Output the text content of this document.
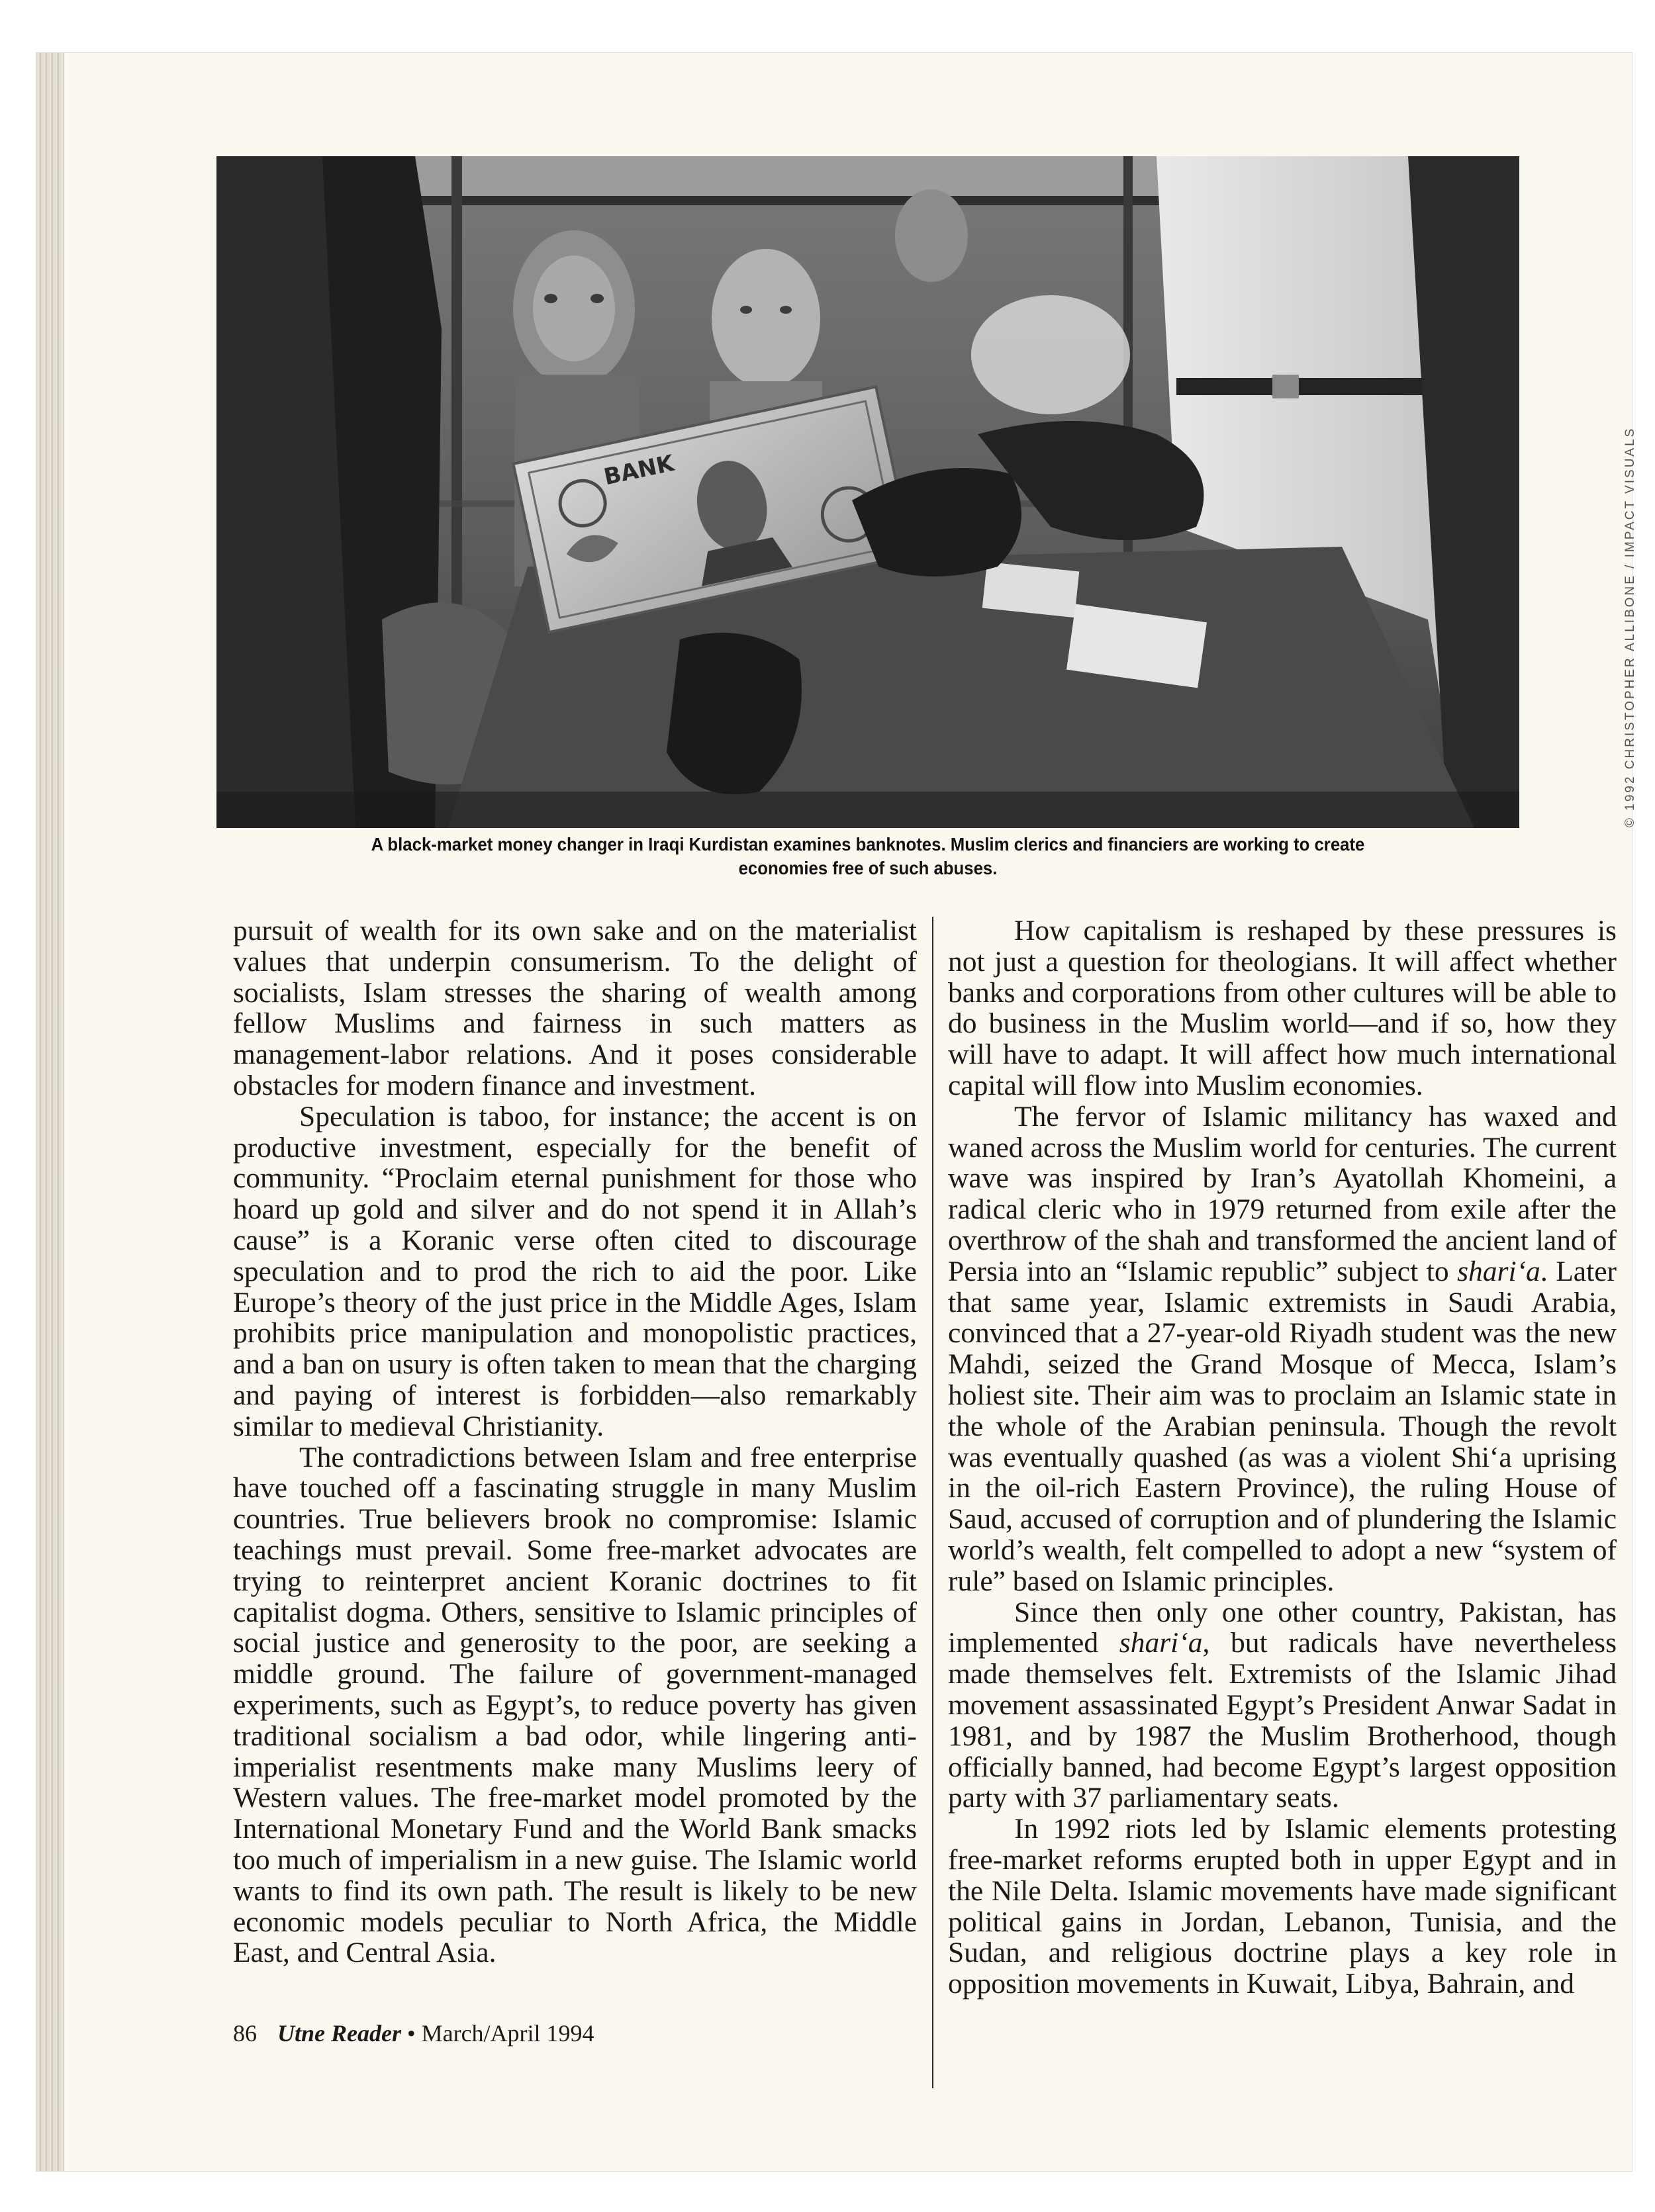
BANK	© 1992 CHRISTOPHER ALLIBONE / IMPACT VISUALS
A black-market money changer in Iraqi Kurdistan examines banknotes. Muslim clerics and financiers are working to create
economies free of such abuses.

pursuit of wealth for its own sake and on the materialist values that underpin consumerism. To the delight of socialists, Islam stresses the sharing of wealth among fellow Muslims and fairness in such matters as management-labor relations. And it poses considerable obstacles for modern finance and investment.

Speculation is taboo, for instance; the accent is on productive investment, especially for the benefit of community. “Proclaim eternal punishment for those who hoard up gold and silver and do not spend it in Allah’s cause” is a Koranic verse often cited to discourage speculation and to prod the rich to aid the poor. Like Europe’s theory of the just price in the Middle Ages, Islam prohibits price manipulation and monopolistic practices, and a ban on usury is often taken to mean that the charging and paying of interest is forbidden—also remarkably similar to medieval Christianity.

The contradictions between Islam and free enterprise have touched off a fascinating struggle in many Muslim countries. True believers brook no compromise: Islamic teachings must prevail. Some free-market advocates are trying to reinterpret ancient Koranic doctrines to fit capitalist dogma. Others, sensitive to Islamic principles of social justice and generosity to the poor, are seeking a middle ground. The failure of government-managed experiments, such as Egypt’s, to reduce poverty has given traditional socialism a bad odor, while lingering anti-imperialist resentments make many Muslims leery of Western values. The free-market model promoted by the International Monetary Fund and the World Bank smacks too much of imperialism in a new guise. The Islamic world wants to find its own path. The result is likely to be new economic models peculiar to North Africa, the Middle East, and Central Asia.

How capitalism is reshaped by these pressures is not just a question for theologians. It will affect whether banks and corporations from other cultures will be able to do business in the Muslim world—and if so, how they will have to adapt. It will affect how much international capital will flow into Muslim economies.

The fervor of Islamic militancy has waxed and waned across the Muslim world for centuries. The current wave was inspired by Iran’s Ayatollah Khomeini, a radical cleric who in 1979 returned from exile after the overthrow of the shah and transformed the ancient land of Persia into an “Islamic republic” subject to shari‘a. Later that same year, Islamic extremists in Saudi Arabia, convinced that a 27-year-old Riyadh student was the new Mahdi, seized the Grand Mosque of Mecca, Islam’s holiest site. Their aim was to proclaim an Islamic state in the whole of the Arabian peninsula. Though the revolt was eventually quashed (as was a violent Shi‘a uprising in the oil-rich Eastern Province), the ruling House of Saud, accused of corruption and of plundering the Islamic world’s wealth, felt compelled to adopt a new “system of rule” based on Islamic principles.

Since then only one other country, Pakistan, has implemented shari‘a, but radicals have nevertheless made themselves felt. Extremists of the Islamic Jihad movement assassinated Egypt’s President Anwar Sadat in 1981, and by 1987 the Muslim Brotherhood, though officially banned, had become Egypt’s largest opposition party with 37 parliamentary seats.

In 1992 riots led by Islamic elements protesting free-market reforms erupted both in upper Egypt and in the Nile Delta. Islamic movements have made significant political gains in Jordan, Lebanon, Tunisia, and the Sudan, and religious doctrine plays a key role in opposition movements in Kuwait, Libya, Bahrain, and

86 Utne Reader • March/April 1994
